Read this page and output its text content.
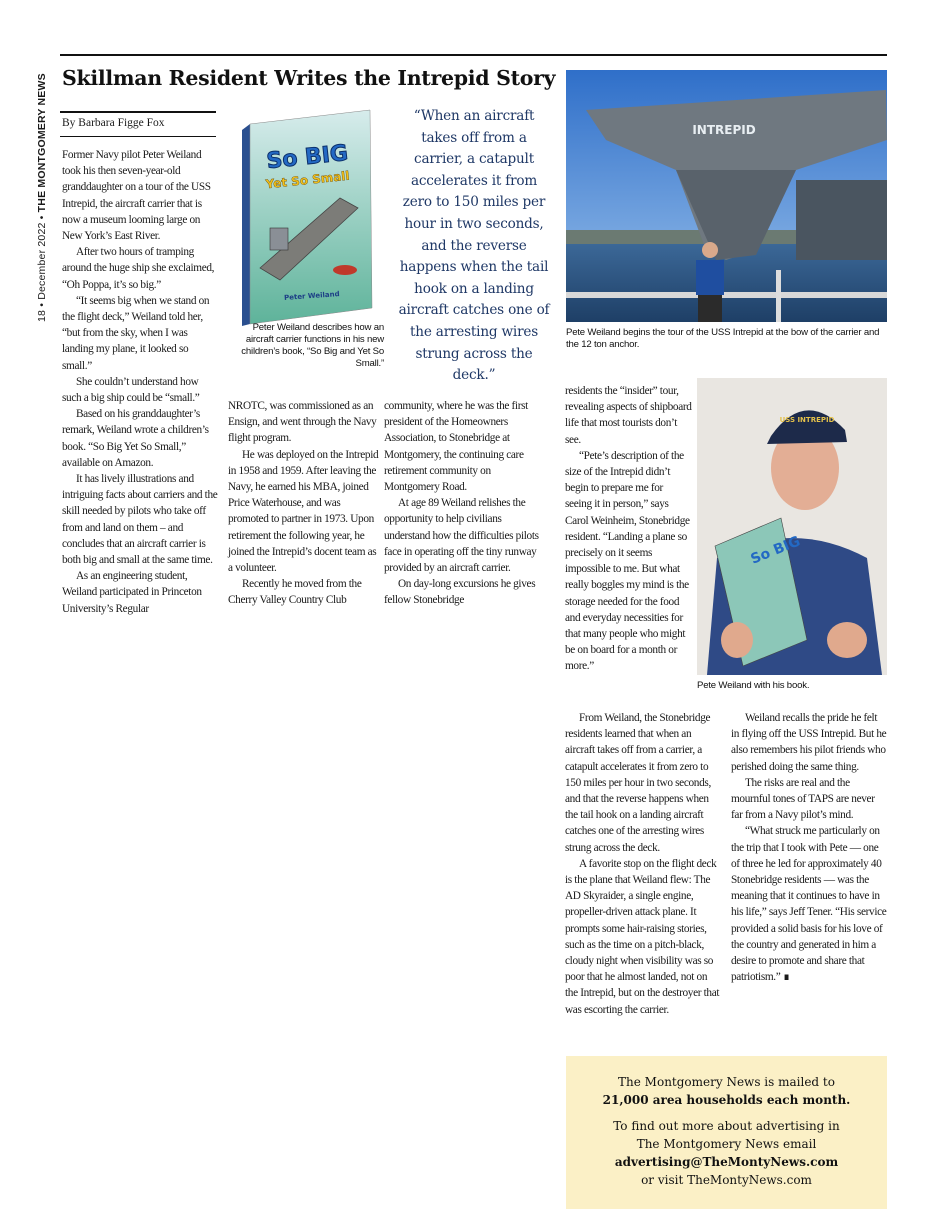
18 • December 2022 • THE MONTGOMERY NEWS Skillman Resident Writes the Intrepid Story
By Barbara Figge Fox

Former Navy pilot Peter Weiland took his then seven-year-old granddaughter on a tour of the USS Intrepid, the aircraft carrier that is now a museum looming large on New York’s East River.

After two hours of tramping around the huge ship she exclaimed, “Oh Poppa, it’s so big.”

“It seems big when we stand on the flight deck,” Weiland told her, “but from the sky, when I was landing my plane, it looked so small.”

She couldn’t understand how such a big ship could be “small.”

Based on his granddaughter’s remark, Weiland wrote a children’s book. “So Big Yet So Small,” available on Amazon.

It has lively illustrations and intriguing facts about carriers and the skill needed by pilots who take off from and land on them – and concludes that an aircraft carrier is both big and small at the same time.

As an engineering student, Weiland participated in Princeton University’s Regular

So BIG
Yet So Small
Peter Weiland
Peter Weiland describes how an aircraft carrier functions in his new children’s book, “So Big and Yet So Small.”
“When an aircraft takes off from a carrier, a catapult accelerates it from zero to 150 miles per hour in two seconds, and the reverse happens when the tail hook on a landing aircraft catches one of the arresting wires strung across the deck.”

NROTC, was commissioned as an Ensign, and went through the Navy flight program.

He was deployed on the Intrepid in 1958 and 1959. After leaving the Navy, he earned his MBA, joined Price Waterhouse, and was promoted to partner in 1973. Upon retirement the following year, he joined the Intrepid’s docent team as a volunteer.

Recently he moved from the Cherry Valley Country Club

community, where he was the first president of the Homeowners Association, to Stonebridge at Montgomery, the continuing care retirement community on Montgomery Road.

At age 89 Weiland relishes the opportunity to help civilians understand how the difficulties pilots face in operating off the tiny runway provided by an aircraft carrier.

On day-long excursions he gives fellow Stonebridge

INTREPID
Pete Weiland begins the tour of the USS Intrepid at the bow of the carrier and the 12 ton anchor.

residents the “insider” tour, revealing aspects of shipboard life that most tourists don’t see.

“Pete’s description of the size of the Intrepid didn’t begin to prepare me for seeing it in person,” says Carol Weinheim, Stonebridge resident. “Landing a plane so precisely on it seems impossible to me. But what really boggles my mind is the storage needed for the food and everyday necessities for that many people who might be on board for a month or more.”

USS INTREPID
So BIG
Pete Weiland with his book.

From Weiland, the Stonebridge residents learned that when an aircraft takes off from a carrier, a catapult accelerates it from zero to 150 miles per hour in two seconds, and that the reverse happens when the tail hook on a landing aircraft catches one of the arresting wires strung across the deck.

A favorite stop on the flight deck is the plane that Weiland flew: The AD Skyraider, a single engine, propeller-driven attack plane. It prompts some hair-raising stories, such as the time on a pitch-black, cloudy night when visibility was so poor that he almost landed, not on the Intrepid, but on the destroyer that was escorting the carrier.

Weiland recalls the pride he felt in flying off the USS Intrepid. But he also remembers his pilot friends who perished doing the same thing.

The risks are real and the mournful tones of TAPS are never far from a Navy pilot’s mind.

“What struck me particularly on the trip that I took with Pete — one of three he led for approximately 40 Stonebridge residents — was the meaning that it continues to have in his life,” says Jeff Tener. “His service provided a solid basis for his love of the country and generated in him a desire to promote and share that patriotism.” ∎

The Montgomery News is mailed to
21,000 area households each month.
To find out more about advertising in
The Montgomery News email
advertising@TheMontyNews.com
or visit TheMontyNews.com
